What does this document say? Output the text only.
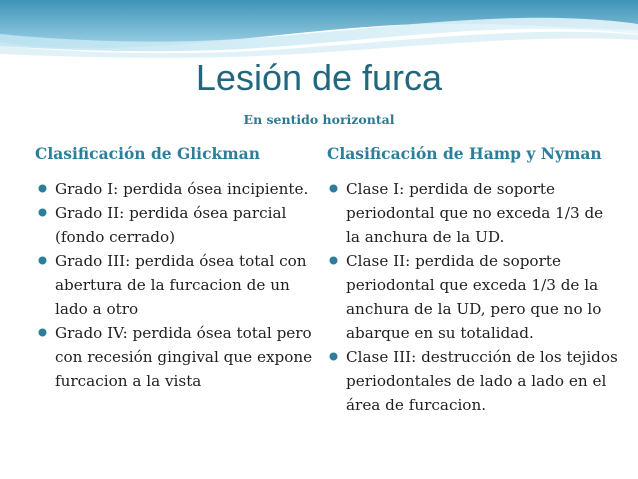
Lesión de furca
En sentido horizontal
Clasificación de Glickman	Clasificación de Hamp y Nyman
Grado I: perdida ósea incipiente.
Grado II: perdida ósea parcial (fondo cerrado)
Grado III: perdida ósea total con abertura de la furcacion de un lado a otro
Grado IV: perdida ósea total pero con recesión gingival que expone furcacion a la vista
Clase I: perdida de soporte periodontal que no exceda 1/3 de la anchura de la UD.
Clase II: perdida de soporte periodontal que exceda 1/3 de la anchura de la UD, pero que no lo abarque en su totalidad.
Clase III: destrucción de los tejidos periodontales de lado a lado en el área de furcacion.
